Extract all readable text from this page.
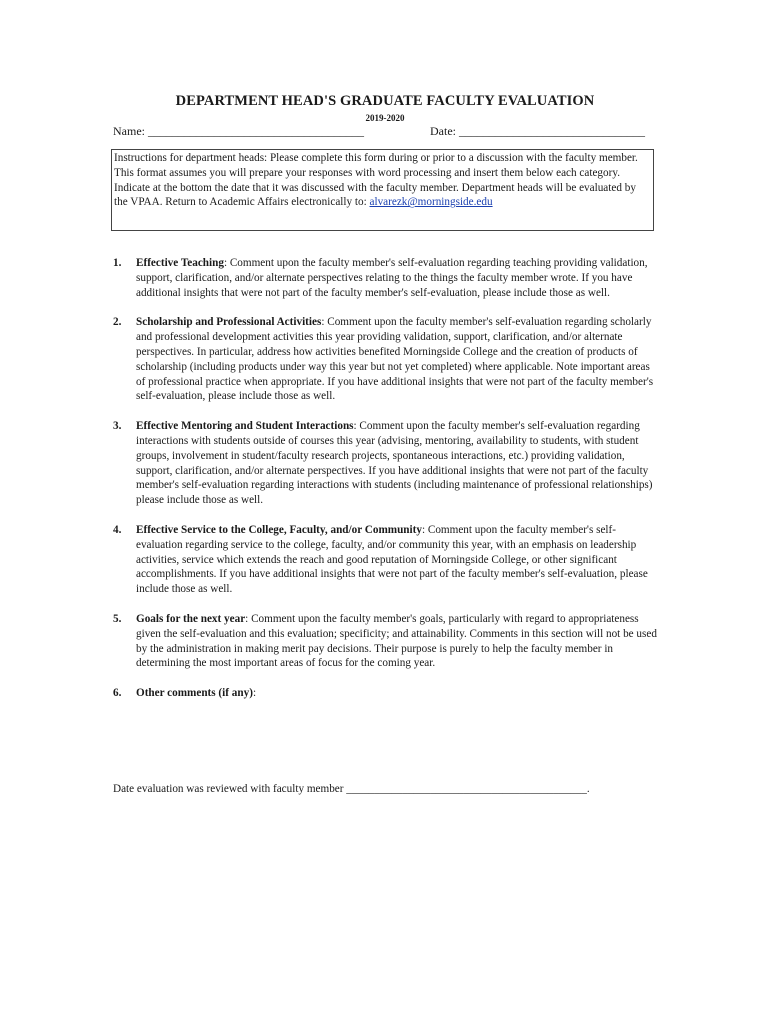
DEPARTMENT HEAD'S GRADUATE FACULTY EVALUATION
2019-2020
Name: ____________________________________	Date: _______________________________
Instructions for department heads: Please complete this form during or prior to a discussion with the faculty member. This format assumes you will prepare your responses with word processing and insert them below each category. Indicate at the bottom the date that it was discussed with the faculty member. Department heads will be evaluated by the VPAA. Return to Academic Affairs electronically to: alvarezk@morningside.edu
1.	Effective Teaching: Comment upon the faculty member's self-evaluation regarding teaching providing validation, support, clarification, and/or alternate perspectives relating to the things the faculty member wrote. If you have additional insights that were not part of the faculty member's self-evaluation, please include those as well.
2.	Scholarship and Professional Activities: Comment upon the faculty member's self-evaluation regarding scholarly and professional development activities this year providing validation, support, clarification, and/or alternate perspectives. In particular, address how activities benefited Morningside College and the creation of products of scholarship (including products under way this year but not yet completed) where applicable. Note important areas of professional practice when appropriate. If you have additional insights that were not part of the faculty member's self-evaluation, please include those as well.
3.	Effective Mentoring and Student Interactions: Comment upon the faculty member's self-evaluation regarding interactions with students outside of courses this year (advising, mentoring, availability to students, with student groups, involvement in student/faculty research projects, spontaneous interactions, etc.) providing validation, support, clarification, and/or alternate perspectives. If you have additional insights that were not part of the faculty member's self-evaluation regarding interactions with students (including maintenance of professional relationships) please include those as well.
4.	Effective Service to the College, Faculty, and/or Community: Comment upon the faculty member's self-evaluation regarding service to the college, faculty, and/or community this year, with an emphasis on leadership activities, service which extends the reach and good reputation of Morningside College, or other significant accomplishments. If you have additional insights that were not part of the faculty member's self-evaluation, please include those as well.
5.	Goals for the next year: Comment upon the faculty member's goals, particularly with regard to appropriateness given the self-evaluation and this evaluation; specificity; and attainability. Comments in this section will not be used by the administration in making merit pay decisions. Their purpose is purely to help the faculty member in determining the most important areas of focus for the coming year.
6.	Other comments (if any):
Date evaluation was reviewed with faculty member ___________________________________________.
